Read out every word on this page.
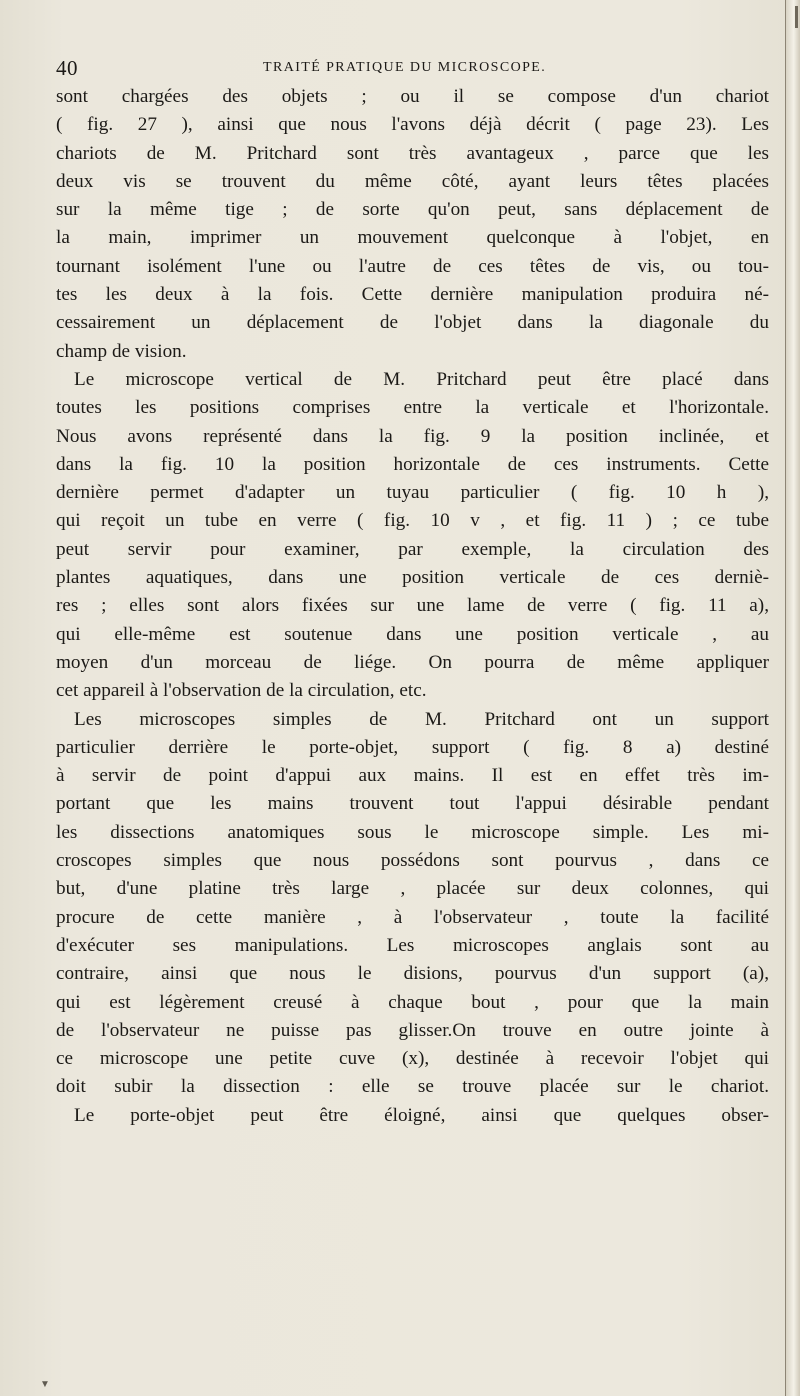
40	TRAITÉ PRATIQUE DU MICROSCOPE.
sont chargées des objets ; ou il se compose d'un chariot
( fig. 27 ), ainsi que nous l'avons déjà décrit ( page 23). Les
chariots de M. Pritchard sont très avantageux , parce que les
deux vis se trouvent du même côté, ayant leurs têtes placées
sur la même tige ; de sorte qu'on peut, sans déplacement de
la main, imprimer un mouvement quelconque à l'objet, en
tournant isolément l'une ou l'autre de ces têtes de vis, ou tou-
tes les deux à la fois. Cette dernière manipulation produira né-
cessairement un déplacement de l'objet dans la diagonale du
champ de vision.
Le microscope vertical de M. Pritchard peut être placé dans
toutes les positions comprises entre la verticale et l'horizontale.
Nous avons représenté dans la fig. 9 la position inclinée, et
dans la fig. 10 la position horizontale de ces instruments. Cette
dernière permet d'adapter un tuyau particulier ( fig. 10 h ),
qui reçoit un tube en verre ( fig. 10 v , et fig. 11 ) ; ce tube
peut servir pour examiner, par exemple, la circulation des
plantes aquatiques, dans une position verticale de ces derniè-
res ; elles sont alors fixées sur une lame de verre ( fig. 11 a),
qui elle-même est soutenue dans une position verticale , au
moyen d'un morceau de liége. On pourra de même appliquer
cet appareil à l'observation de la circulation, etc.
Les microscopes simples de M. Pritchard ont un support
particulier derrière le porte-objet, support ( fig. 8 a) destiné
à servir de point d'appui aux mains. Il est en effet très im-
portant que les mains trouvent tout l'appui désirable pendant
les dissections anatomiques sous le microscope simple. Les mi-
croscopes simples que nous possédons sont pourvus , dans ce
but, d'une platine très large , placée sur deux colonnes, qui
procure de cette manière , à l'observateur , toute la facilité
d'exécuter ses manipulations. Les microscopes anglais sont au
contraire, ainsi que nous le disions, pourvus d'un support (a),
qui est légèrement creusé à chaque bout , pour que la main
de l'observateur ne puisse pas glisser.On trouve en outre jointe à
ce microscope une petite cuve (x), destinée à recevoir l'objet qui
doit subir la dissection : elle se trouve placée sur le chariot.
Le porte-objet peut être éloigné, ainsi que quelques obser-
▼
